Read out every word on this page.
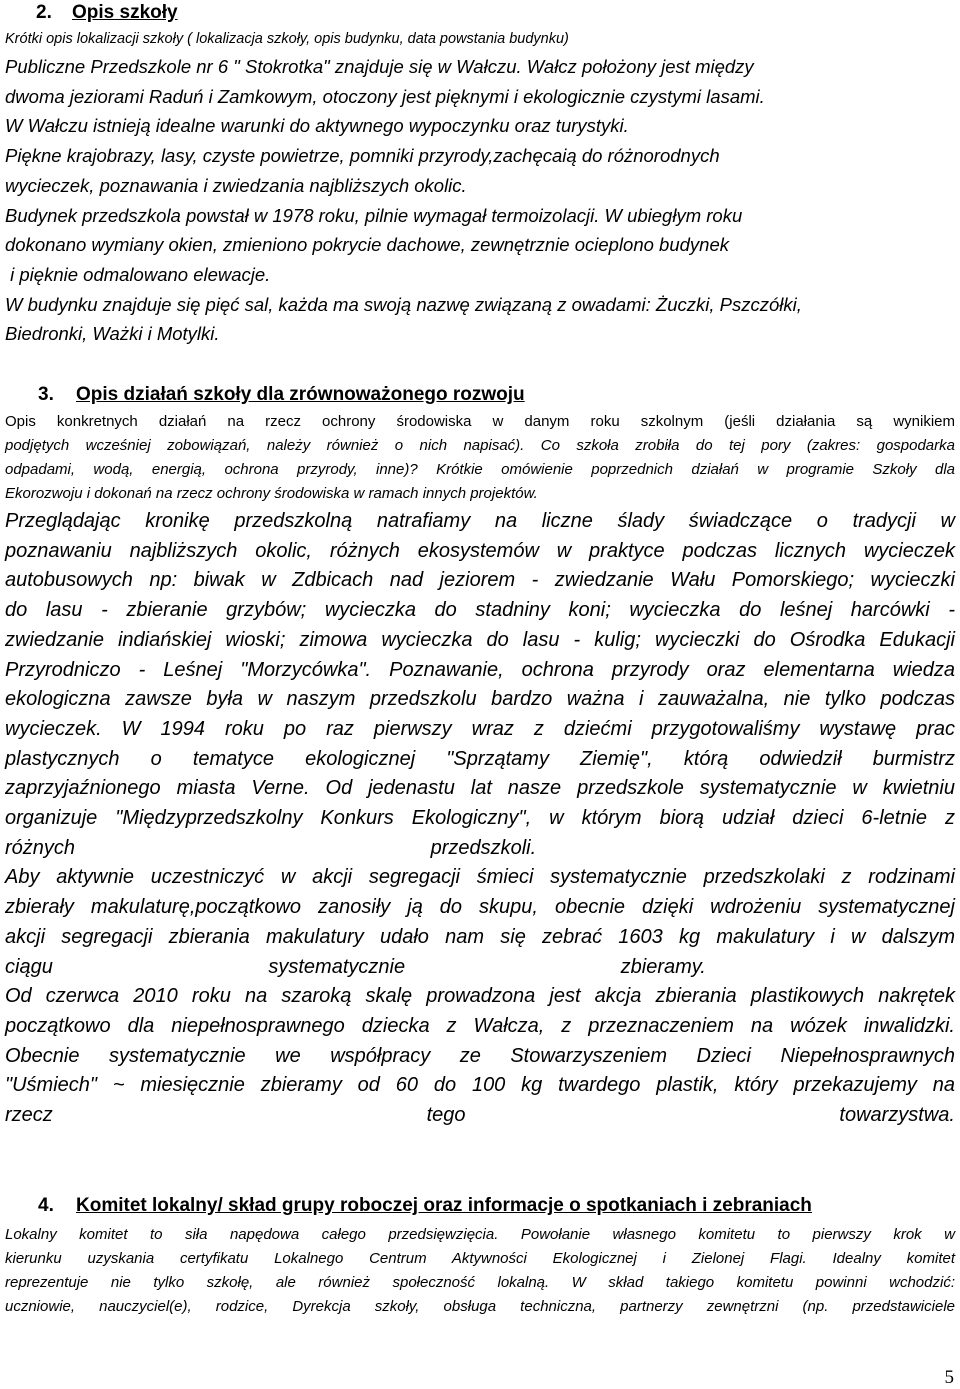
2. Opis szkoły
Krótki opis lokalizacji szkoły ( lokalizacja szkoły, opis budynku, data powstania budynku)
Publiczne Przedszkole nr 6 " Stokrotka" znajduje się w Wałczu. Wałcz położony jest między
dwoma jeziorami Raduń i Zamkowym, otoczony jest pięknymi i ekologicznie czystymi lasami.
W Wałczu istnieją idealne warunki do aktywnego wypoczynku oraz turystyki.
Piękne krajobrazy, lasy, czyste powietrze, pomniki przyrody,zachęcaią do różnorodnych
wycieczek, poznawania i zwiedzania najbliższych okolic.
Budynek przedszkola powstał w 1978 roku, pilnie wymagał termoizolacji. W ubiegłym roku
dokonano wymiany okien, zmieniono pokrycie dachowe, zewnętrznie ocieplono budynek
i pięknie odmalowano elewacje.
W budynku znajduje się pięć sal, każda ma swoją nazwę związaną z owadami: Żuczki, Pszczółki,
Biedronki, Ważki i Motylki.
3. Opis działań szkoły dla zrównoważonego rozwoju
Opis konkretnych działań na rzecz ochrony środowiska w danym roku szkolnym (jeśli działania są wynikiem
podjętych wcześniej zobowiązań, należy również o nich napisać). Co szkoła zrobiła do tej pory (zakres: gospodarka
odpadami, wodą, energią, ochrona przyrody, inne)? Krótkie omówienie poprzednich działań w programie Szkoły dla
Ekorozwoju i dokonań na rzecz ochrony środowiska w ramach innych projektów.
Przeglądając kronikę przedszkolną natrafiamy na liczne ślady świadczące o tradycji w
poznawaniu najbliższych okolic, różnych ekosystemów w praktyce podczas licznych wycieczek
autobusowych np: biwak w Zdbicach nad jeziorem - zwiedzanie Wału Pomorskiego; wycieczki
do lasu - zbieranie grzybów; wycieczka do stadniny koni; wycieczka do leśnej harcówki -
zwiedzanie indiańskiej wioski; zimowa wycieczka do lasu - kulig; wycieczki do Ośrodka Edukacji
Przyrodniczo - Leśnej "Morzycówka". Poznawanie, ochrona przyrody oraz elementarna wiedza
ekologiczna zawsze była w naszym przedszkolu bardzo ważna i zauważalna, nie tylko podczas
wycieczek. W 1994 roku po raz pierwszy wraz z dziećmi przygotowaliśmy wystawę prac
plastycznych o tematyce ekologicznej "Sprzątamy Ziemię", którą odwiedził burmistrz
zaprzyjaźnionego miasta Verne. Od jedenastu lat nasze przedszkole systematycznie w kwietniu
organizuje "Międzyprzedszkolny Konkurs Ekologiczny", w którym biorą udział dzieci 6-letnie z
różnych przedszkoli.
Aby aktywnie uczestniczyć w akcji segregacji śmieci systematycznie przedszkolaki z rodzinami
zbierały makulaturę,początkowo zanosiły ją do skupu, obecnie dzięki wdrożeniu systematycznej
akcji segregacji zbierania makulatury udało nam się zebrać 1603 kg makulatury i w dalszym
ciągu systematycznie zbieramy.
Od czerwca 2010 roku na szaroką skalę prowadzona jest akcja zbierania plastikowych nakrętek
początkowo dla niepełnosprawnego dziecka z Wałcza, z przeznaczeniem na wózek inwalidzki.
Obecnie systematycznie we współpracy ze Stowarzyszeniem Dzieci Niepełnosprawnych
"Uśmiech" ~ miesięcznie zbieramy od 60 do 100 kg twardego plastik, który przekazujemy na
rzecz tego towarzystwa.
4. Komitet lokalny/ skład grupy roboczej oraz informacje o spotkaniach i zebraniach
Lokalny komitet to siła napędowa całego przedsięwzięcia. Powołanie własnego komitetu to pierwszy krok w
kierunku uzyskania certyfikatu Lokalnego Centrum Aktywności Ekologicznej i Zielonej Flagi. Idealny komitet
reprezentuje nie tylko szkołę, ale również społeczność lokalną. W skład takiego komitetu powinni wchodzić:
uczniowie, nauczyciel(e), rodzice, Dyrekcja szkoły, obsługa techniczna, partnerzy zewnętrzni (np. przedstawiciele
5
